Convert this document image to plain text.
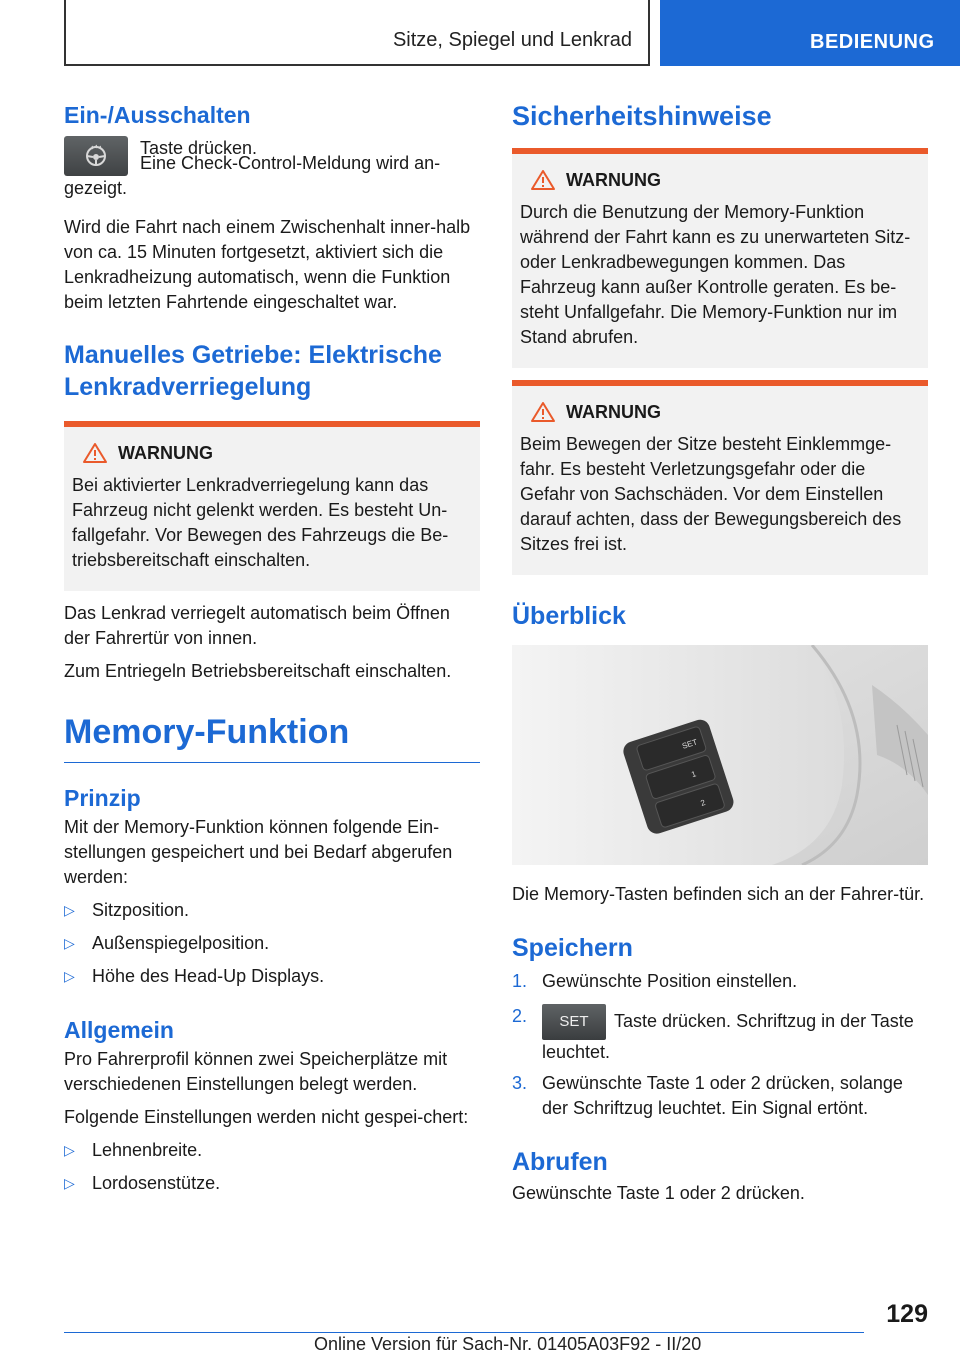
Sitze, Spiegel und Lenkrad	BEDIENUNG
Ein-/Ausschalten
Taste drücken.

Eine Check-Control-Meldung wird an-gezeigt.

Wird die Fahrt nach einem Zwischenhalt inner-halb von ca. 15 Minuten fortgesetzt, aktiviert sich die Lenkradheizung automatisch, wenn die Funktion beim letzten Fahrtende eingeschaltet war.

Manuelles Getriebe: Elektrische Lenkradverriegelung
WARNUNG
Bei aktivierter Lenkradverriegelung kann das Fahrzeug nicht gelenkt werden. Es besteht Un-fallgefahr. Vor Bewegen des Fahrzeugs die Be-triebsbereitschaft einschalten.

Das Lenkrad verriegelt automatisch beim Öffnen der Fahrertür von innen.

Zum Entriegeln Betriebsbereitschaft einschalten.

Memory-Funktion
Prinzip

Mit der Memory-Funktion können folgende Ein-stellungen gespeichert und bei Bedarf abgerufen werden:

▷ Sitzposition.
▷ Außenspiegelposition.
▷ Höhe des Head-Up Displays.
Allgemein

Pro Fahrerprofil können zwei Speicherplätze mit verschiedenen Einstellungen belegt werden.

Folgende Einstellungen werden nicht gespei-chert:

▷ Lehnenbreite.
▷ Lordosenstütze.
Sicherheitshinweise
WARNUNG
Durch die Benutzung der Memory-Funktion während der Fahrt kann es zu unerwarteten Sitz- oder Lenkradbewegungen kommen. Das Fahrzeug kann außer Kontrolle geraten. Es be-steht Unfallgefahr. Die Memory-Funktion nur im Stand abrufen.
WARNUNG
Beim Bewegen der Sitze besteht Einklemmge-fahr. Es besteht Verletzungsgefahr oder die Gefahr von Sachschäden. Vor dem Einstellen darauf achten, dass der Bewegungsbereich des Sitzes frei ist.
Überblick
SET
1
2

Die Memory-Tasten befinden sich an der Fahrer-tür.

Speichern
1. Gewünschte Position einstellen.
2. SET Taste drücken. Schriftzug in der Taste leuchtet.
3. Gewünschte Taste 1 oder 2 drücken, solange der Schriftzug leuchtet. Ein Signal ertönt.
Abrufen

Gewünschte Taste 1 oder 2 drücken.

129
Online Version für Sach-Nr. 01405A03F92 - II/20
